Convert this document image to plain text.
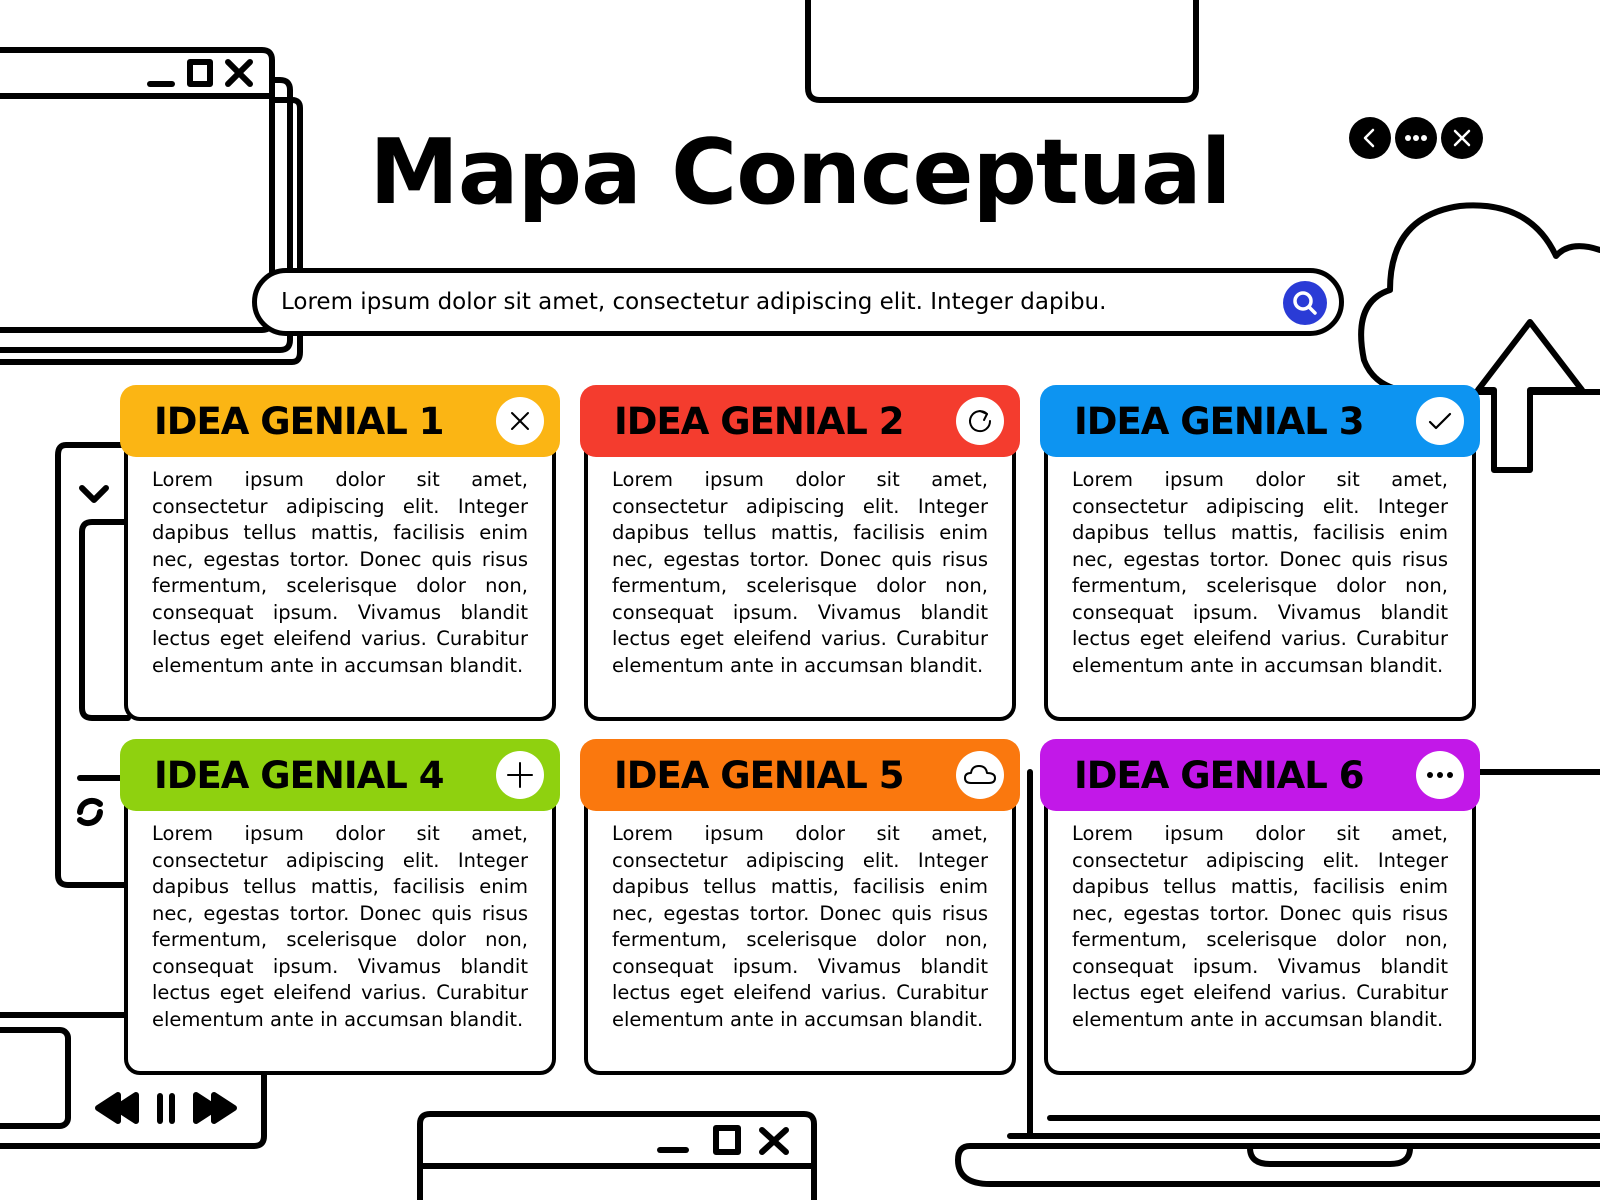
Mapa Conceptual
Lorem ipsum dolor sit amet, consectetur adipiscing elit. Integer dapibu.
IDEA GENIAL 1
Lorem ipsum dolor sit amet, consectetur adipiscing elit. Integer dapibus tellus mattis, facilisis enim nec, egestas tortor. Donec quis risus fermentum, scelerisque dolor non, consequat ipsum. Vivamus blandit lectus eget eleifend varius. Curabitur elementum ante in accumsan blandit.
IDEA GENIAL 2
Lorem ipsum dolor sit amet, consectetur adipiscing elit. Integer dapibus tellus mattis, facilisis enim nec, egestas tortor. Donec quis risus fermentum, scelerisque dolor non, consequat ipsum. Vivamus blandit lectus eget eleifend varius. Curabitur elementum ante in accumsan blandit.
IDEA GENIAL 3
Lorem ipsum dolor sit amet, consectetur adipiscing elit. Integer dapibus tellus mattis, facilisis enim nec, egestas tortor. Donec quis risus fermentum, scelerisque dolor non, consequat ipsum. Vivamus blandit lectus eget eleifend varius. Curabitur elementum ante in accumsan blandit.
IDEA GENIAL 4
Lorem ipsum dolor sit amet, consectetur adipiscing elit. Integer dapibus tellus mattis, facilisis enim nec, egestas tortor. Donec quis risus fermentum, scelerisque dolor non, consequat ipsum. Vivamus blandit lectus eget eleifend varius. Curabitur elementum ante in accumsan blandit.
IDEA GENIAL 5
Lorem ipsum dolor sit amet, consectetur adipiscing elit. Integer dapibus tellus mattis, facilisis enim nec, egestas tortor. Donec quis risus fermentum, scelerisque dolor non, consequat ipsum. Vivamus blandit lectus eget eleifend varius. Curabitur elementum ante in accumsan blandit.
IDEA GENIAL 6
Lorem ipsum dolor sit amet, consectetur adipiscing elit. Integer dapibus tellus mattis, facilisis enim nec, egestas tortor. Donec quis risus fermentum, scelerisque dolor non, consequat ipsum. Vivamus blandit lectus eget eleifend varius. Curabitur elementum ante in accumsan blandit.
